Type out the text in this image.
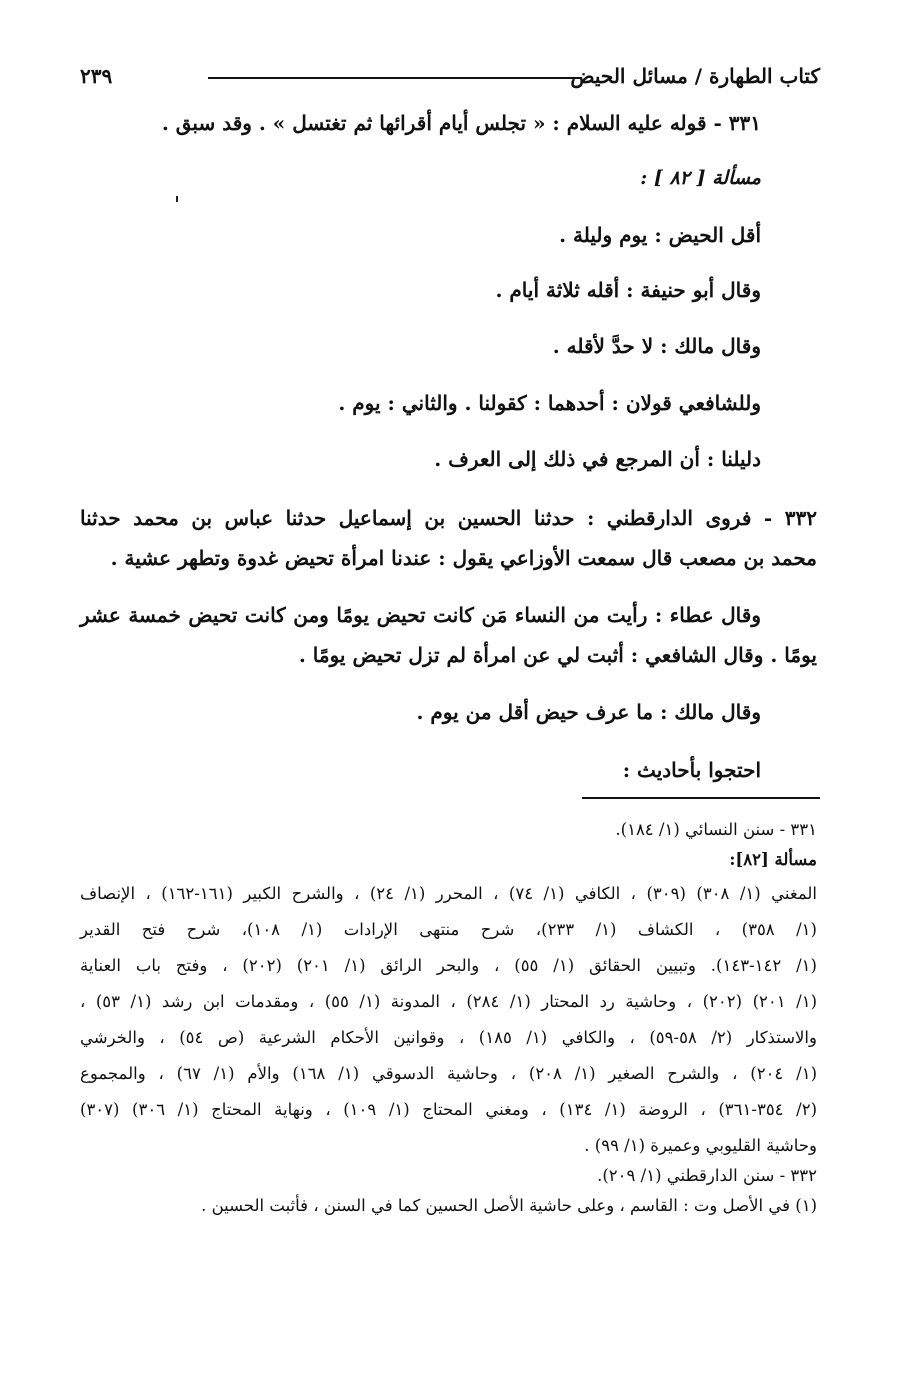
كتاب الطهارة / مسائل الحيض
٢٣٩
٣٣١ - قوله عليه السلام : « تجلس أيام أقرائها ثم تغتسل » . وقد سبق .
مسألة [ ٨٢ ] :
أقل الحيض : يوم وليلة .
وقال أبو حنيفة : أقله ثلاثة أيام .
وقال مالك : لا حدَّ لأقله .
وللشافعي قولان : أحدهما : كقولنا . والثاني : يوم .
دليلنا : أن المرجع في ذلك إلى العرف .
٣٣٢ - فروى الدارقطني : حدثنا الحسين بن إسماعيل حدثنا عباس بن محمد حدثنا
محمد بن مصعب قال سمعت الأوزاعي يقول : عندنا امرأة تحيض غدوة وتطهر عشية .
وقال عطاء : رأيت من النساء مَن كانت تحيض يومًا ومن كانت تحيض خمسة عشر
يومًا . وقال الشافعي : أثبت لي عن امرأة لم تزل تحيض يومًا .
وقال مالك : ما عرف حيض أقل من يوم .
احتجوا بأحاديث :
٣٣١ - سنن النسائي (١/ ١٨٤).
مسألة [٨٢]:
المغني (١/ ٣٠٨) (٣٠٩) ، الكافي (١/ ٧٤) ، المحرر (١/ ٢٤) ، والشرح الكبير (١٦١-١٦٢) ، الإنصاف
(١/ ٣٥٨) ، الكشاف (١/ ٢٣٣)، شرح منتهى الإرادات (١/ ١٠٨)، شرح فتح القدير
(١/ ١٤٢-١٤٣). وتبيين الحقائق (١/ ٥٥) ، والبحر الرائق (١/ ٢٠١) (٢٠٢) ، وفتح باب العناية
(١/ ٢٠١) (٢٠٢) ، وحاشية رد المحتار (١/ ٢٨٤) ، المدونة (١/ ٥٥) ، ومقدمات ابن رشد (١/ ٥٣) ،
والاستذكار (٢/ ٥٨-٥٩) ، والكافي (١/ ١٨٥) ، وقوانين الأحكام الشرعية (ص ٥٤) ، والخرشي
(١/ ٢٠٤) ، والشرح الصغير (١/ ٢٠٨) ، وحاشية الدسوقي (١/ ١٦٨) والأم (١/ ٦٧) ، والمجموع
(٢/ ٣٥٤-٣٦١) ، الروضة (١/ ١٣٤) ، ومغني المحتاج (١/ ١٠٩) ، ونهاية المحتاج (١/ ٣٠٦) (٣٠٧)
وحاشية القليوبي وعميرة (١/ ٩٩) .
٣٣٢ - سنن الدارقطني (١/ ٢٠٩).
(١) في الأصل وت : القاسم ، وعلى حاشية الأصل الحسين كما في السنن ، فأثبت الحسين .
